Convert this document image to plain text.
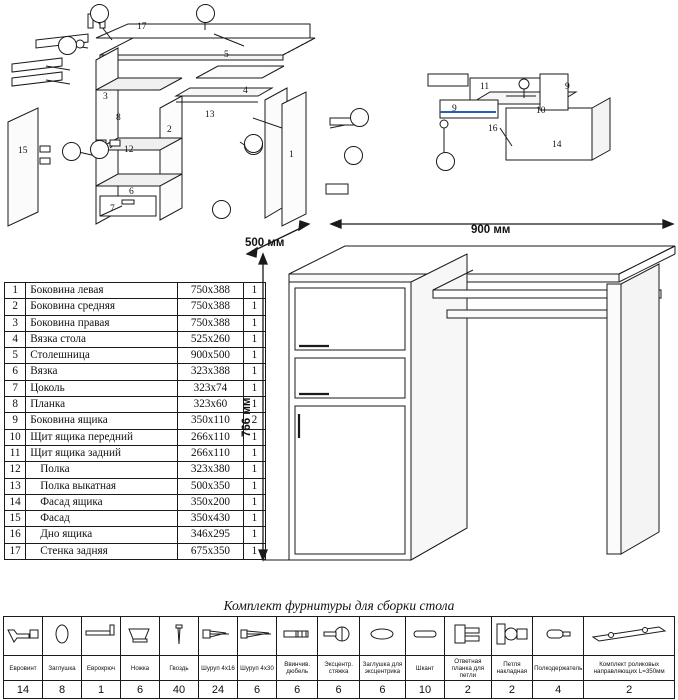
17
5
3
8	13
4
2
12
15
6
7
1
11
9
9
10
16
14
1	Боковина левая	750х388	1
2	Боковина средняя	750х388	1
3	Боковина правая	750х388	1
4	Вязка стола	525х260	1
5	Столешница	900х500	1
6	Вязка	323х388	1
7	Цоколь	323х74	1
8	Планка	323х60	1
9	Боковина ящика	350х110	2
10	Щит ящика передний	266х110	1
11	Щит ящика задний	266х110	1
12	Полка	323х380	1
13	Полка выкатная	500х350	1
14	Фасад ящика	350х200	1
15	Фасад	350х430	1
16	Дно ящика	346х295	1
17	Стенка задняя	675х350	1
500 мм
900 мм
766 мм
Комплект фурнитуры для сборки стола

Евровинт	Заглушка	Еврокрюч	Ножка	Гвоздь	Шуруп 4х16	Шуруп 4х30	Ввинчив. дюбель	Эксцентр. стяжка	Заглушка для эксцентрика	Шкант	Ответная планка для петли	Петля накладная	Полкодержатель	Комплект роликовых направляющих L=350мм
14	8	1	6	40	24	6	6	6	6	10	2	2	4	2
